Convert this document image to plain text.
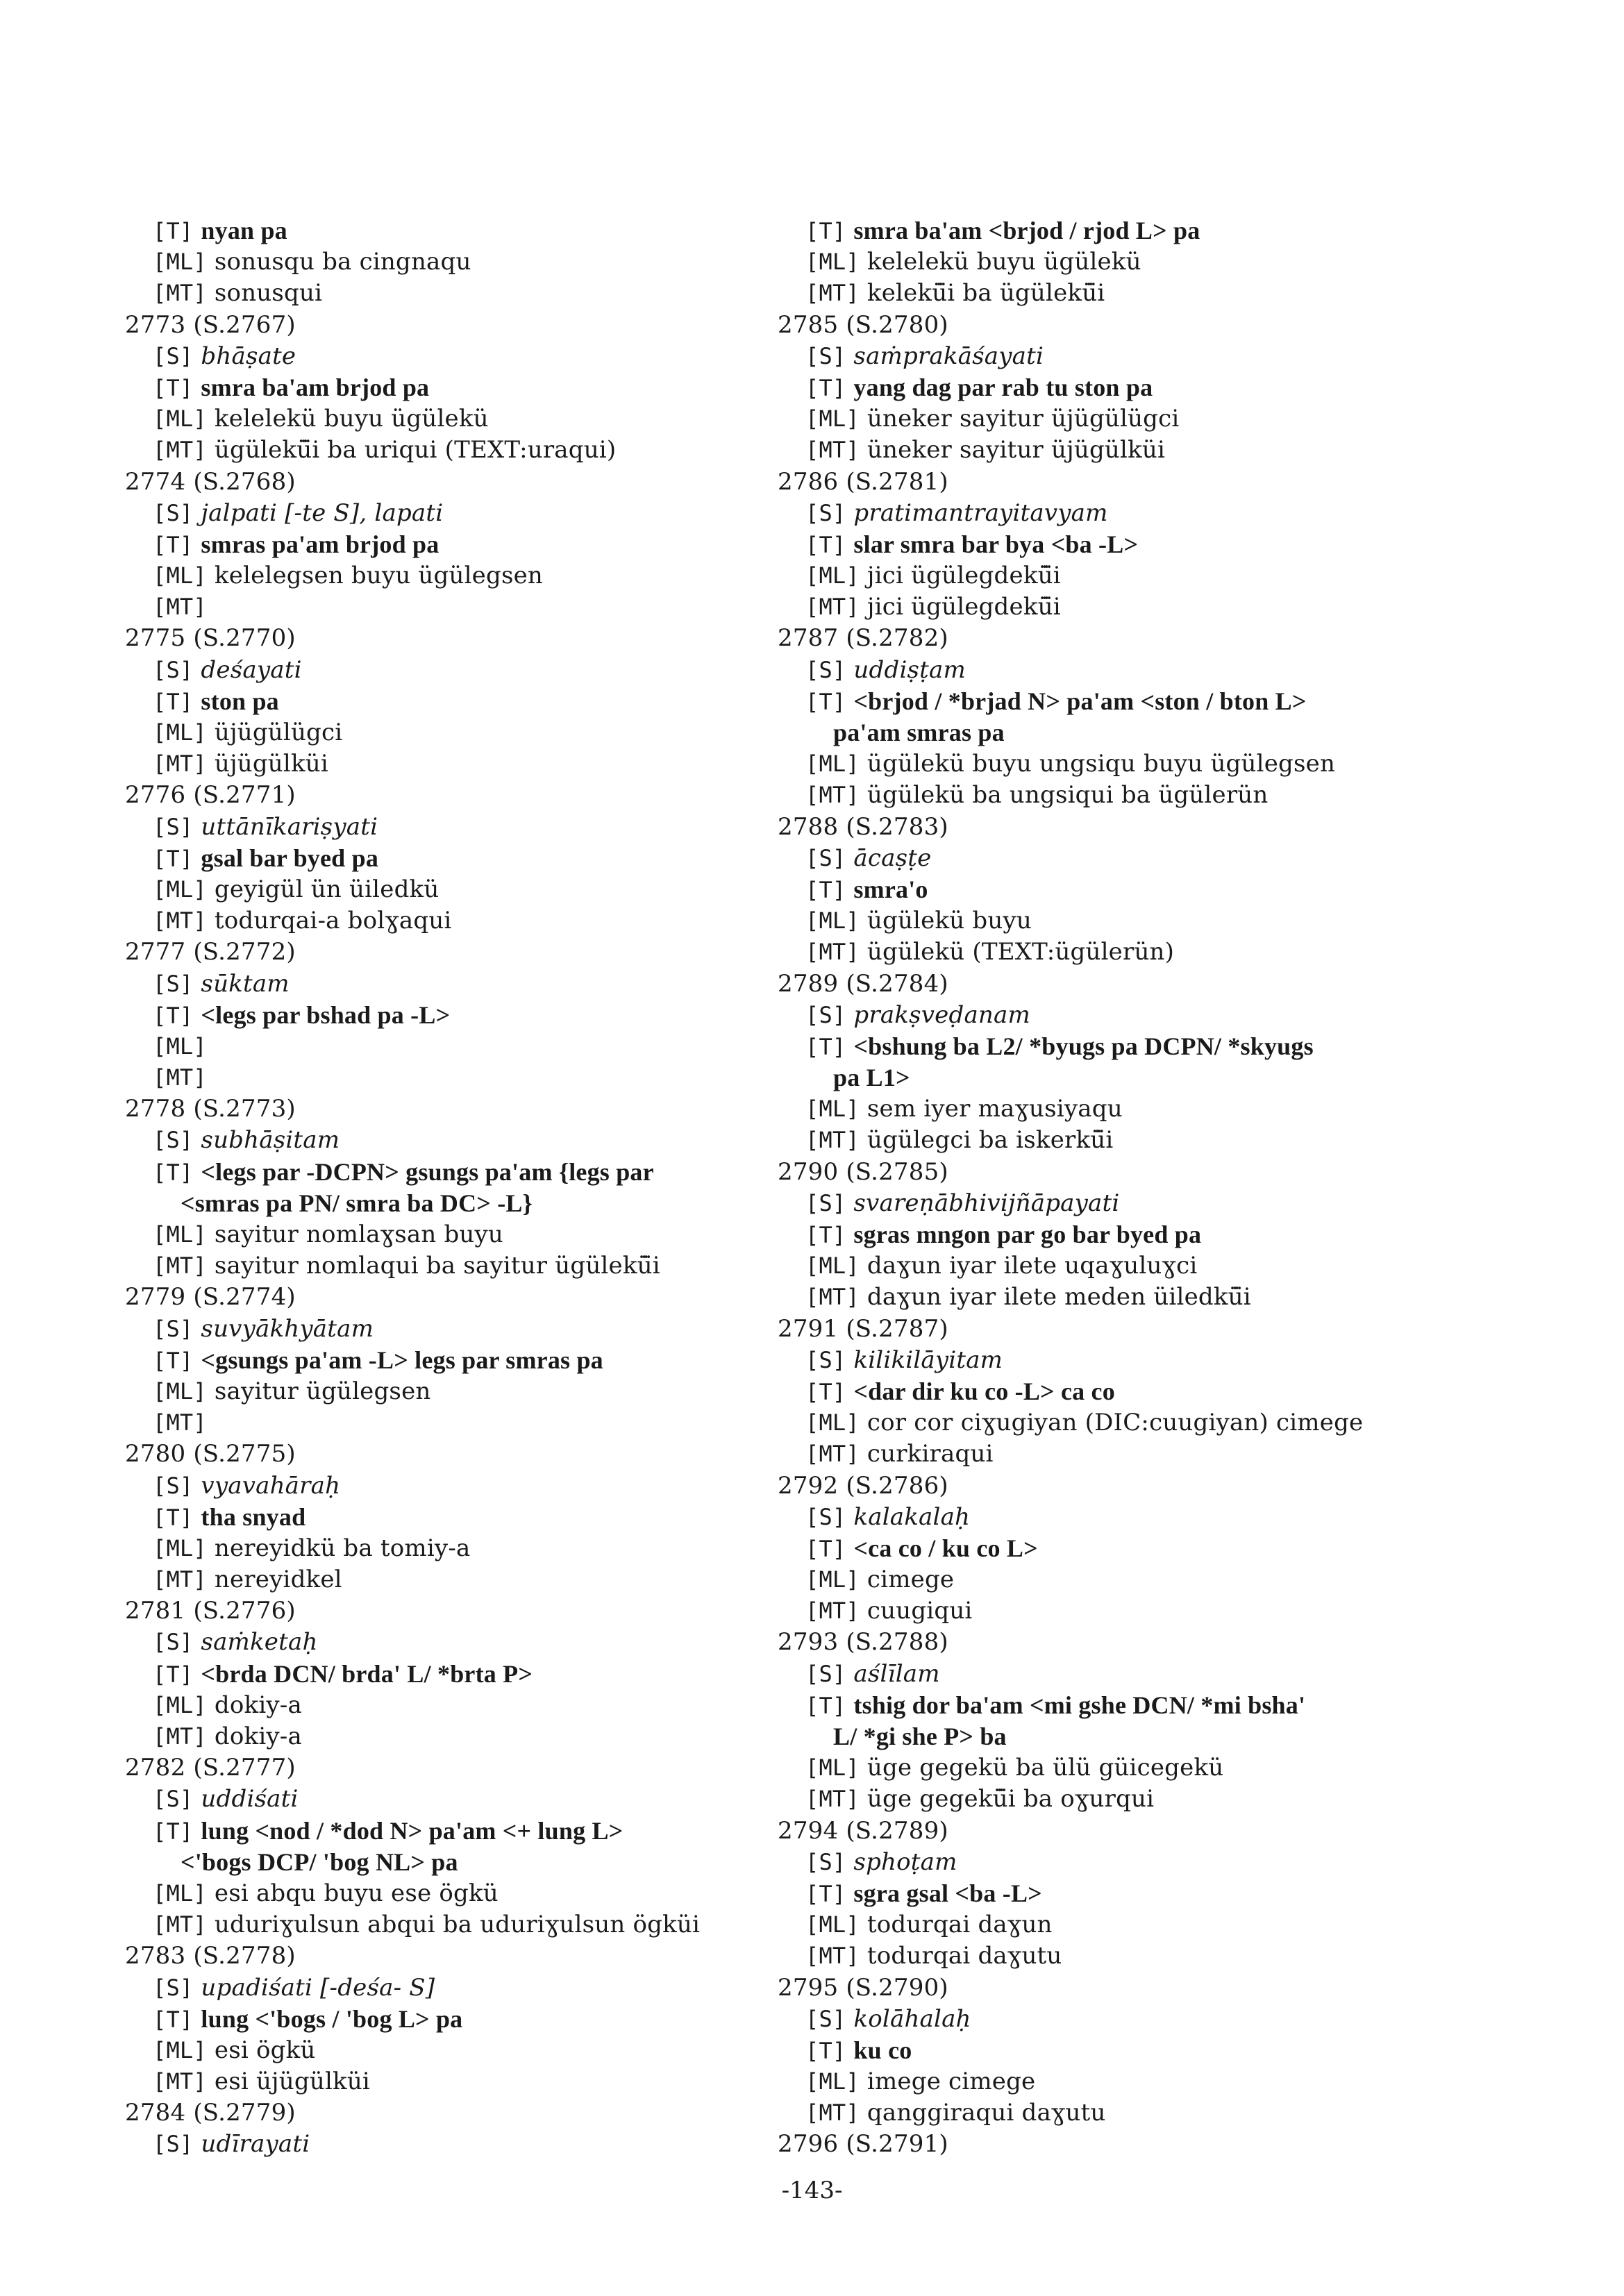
[T] nyan pa
[ML] sonusqu ba cingnaqu
[MT] sonusqui
2773 (S.2767)
[S] bhāṣate
[T] smra ba'am brjod pa
[ML] kelelekü buyu ügülekü
[MT] ügülekü̈i ba uriqui (TEXT:uraqui)
2774 (S.2768)
[S] jalpati [-te S], lapati
[T] smras pa'am brjod pa
[ML] kelelegsen buyu ügülegsen
[MT]
2775 (S.2770)
[S] deśayati
[T] ston pa
[ML] üjügülügci
[MT] üjügülküi
2776 (S.2771)
[S] uttānīkariṣyati
[T] gsal bar byed pa
[ML] geyigül ün üiledkü
[MT] todurqai-a bolɣaqui
2777 (S.2772)
[S] sūktam
[T] <legs par bshad pa -L>
[ML]
[MT]
2778 (S.2773)
[S] subhāṣitam
[T] <legs par -DCPN> gsungs pa'am {legs par
<smras pa PN/ smra ba DC> -L}
[ML] sayitur nomlaɣsan buyu
[MT] sayitur nomlaqui ba sayitur ügülekü̈i
2779 (S.2774)
[S] suvyākhyātam
[T] <gsungs pa'am -L> legs par smras pa
[ML] sayitur ügülegsen
[MT]
2780 (S.2775)
[S] vyavahāraḥ
[T] tha snyad
[ML] nereyidkü ba tomiy-a
[MT] nereyidkel
2781 (S.2776)
[S] saṁketaḥ
[T] <brda DCN/ brda' L/ *brta P>
[ML] dokiy-a
[MT] dokiy-a
2782 (S.2777)
[S] uddiśati
[T] lung <nod / *dod N> pa'am <+ lung L>
<'bogs DCP/ 'bog NL> pa
[ML] esi abqu buyu ese ögkü
[MT] uduriɣulsun abqui ba uduriɣulsun ögküi
2783 (S.2778)
[S] upadiśati [-deśa- S]
[T] lung <'bogs / 'bog L> pa
[ML] esi ögkü
[MT] esi üjügülküi
2784 (S.2779)
[S] udīrayati
[T] smra ba'am <brjod / rjod L> pa
[ML] kelelekü buyu ügülekü
[MT] kelekü̈i ba ügülekü̈i
2785 (S.2780)
[S] saṁprakāśayati
[T] yang dag par rab tu ston pa
[ML] üneker sayitur üjügülügci
[MT] üneker sayitur üjügülküi
2786 (S.2781)
[S] pratimantrayitavyam
[T] slar smra bar bya <ba -L>
[ML] jici ügülegdekü̈i
[MT] jici ügülegdekü̈i
2787 (S.2782)
[S] uddiṣṭam
[T] <brjod / *brjad N> pa'am <ston / bton L>
pa'am smras pa
[ML] ügülekü buyu ungsiqu buyu ügülegsen
[MT] ügülekü ba ungsiqui ba ügülerün
2788 (S.2783)
[S] ācaṣṭe
[T] smra'o
[ML] ügülekü buyu
[MT] ügülekü (TEXT:ügülerün)
2789 (S.2784)
[S] prakṣveḍanam
[T] <bshung ba L2/ *byugs pa DCPN/ *skyugs
pa L1>
[ML] sem iyer maɣusiyaqu
[MT] ügülegci ba iskerkü̈i
2790 (S.2785)
[S] svareṇābhivijñāpayati
[T] sgras mngon par go bar byed pa
[ML] daɣun iyar ilete uqaɣuluɣci
[MT] daɣun iyar ilete meden üiledkü̈i
2791 (S.2787)
[S] kilikilāyitam
[T] <dar dir ku co -L> ca co
[ML] cor cor ciɣugiyan (DIC:cuugiyan) cimege
[MT] curkiraqui
2792 (S.2786)
[S] kalakalaḥ
[T] <ca co / ku co L>
[ML] cimege
[MT] cuugiqui
2793 (S.2788)
[S] aślīlam
[T] tshig dor ba'am <mi gshe DCN/ *mi bsha'
L/ *gi she P> ba
[ML] üge gegekü ba ülü güicegekü
[MT] üge gegekü̈i ba oɣurqui
2794 (S.2789)
[S] sphoṭam
[T] sgra gsal <ba -L>
[ML] todurqai daɣun
[MT] todurqai daɣutu
2795 (S.2790)
[S] kolāhalaḥ
[T] ku co
[ML] imege cimege
[MT] qanggiraqui daɣutu
2796 (S.2791)
-143-
